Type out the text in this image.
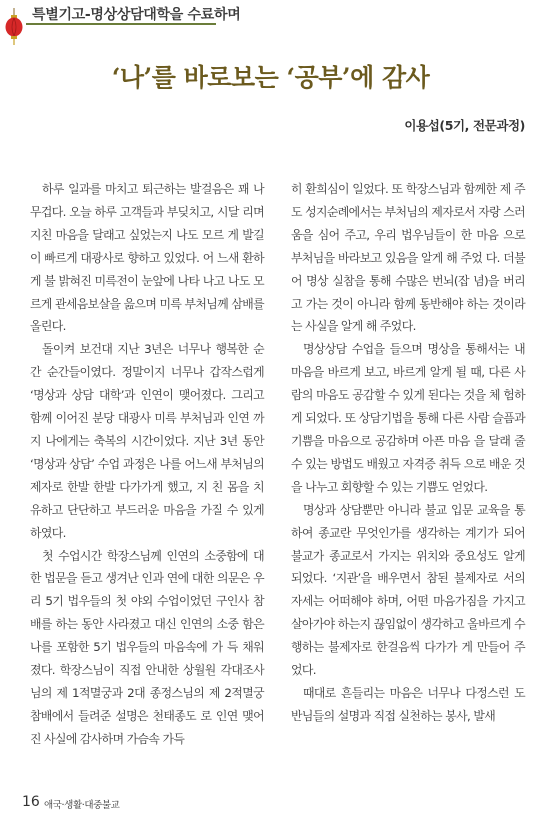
특별기고-명상상담대학을 수료하며
‘나’를 바로보는 ‘공부’에 감사
이용섭(5기, 전문과정)

하루 일과를 마치고 퇴근하는 발걸음은 꽤 나 무겁다. 오늘 하루 고객들과 부딪치고, 시달 리며 지친 마음을 달래고 싶었는지 나도 모르 게 발길이 빠르게 대광사로 향하고 있었다. 어 느새 환하게 불 밝혀진 미륵전이 눈앞에 나타 나고 나도 모르게 관세음보살을 읊으며 미륵 부처님께 삼배를 올린다.

돌이켜 보건대 지난 3년은 너무나 행복한 순 간 순간들이였다. 정말이지 너무나 갑작스럽게 ‘명상과 상담 대학’과 인연이 맺어졌다. 그리고 함께 이어진 분당 대광사 미륵 부처님과 인연 까지 나에게는 축복의 시간이었다. 지난 3년 동안 ‘명상과 상담’ 수업 과정은 나를 어느새 부처님의 제자로 한발 한발 다가가게 했고, 지 친 몸을 치유하고 단단하고 부드러운 마음을 가질 수 있게 하였다.

첫 수업시간 학장스님께 인연의 소중함에 대 한 법문을 듣고 생겨난 인과 연에 대한 의문은 우리 5기 법우들의 첫 야외 수업이었던 구인사 참배를 하는 동안 사라졌고 대신 인연의 소중 함은 나를 포함한 5기 법우들의 마음속에 가 득 채워졌다. 학장스님이 직접 안내한 상월원 각대조사님의 제 1적멸궁과 2대 종정스님의 제 2적멸궁 참배에서 들려준 설명은 천태종도 로 인연 맺어진 사실에 감사하며 가슴속 가득

히 환희심이 일었다. 또 학장스님과 함께한 제 주도 성지순례에서는 부처님의 제자로서 자랑 스러움을 심어 주고, 우리 법우님들이 한 마음 으로 부처님을 바라보고 있음을 알게 해 주었 다. 더불어 명상 실참을 통해 수많은 번뇌(잡 념)을 버리고 가는 것이 아니라 함께 동반해야 하는 것이라는 사실을 알게 해 주었다.

명상상담 수업을 들으며 명상을 통해서는 내 마음을 바르게 보고, 바르게 알게 될 때, 다른 사람의 마음도 공감할 수 있게 된다는 것을 체 험하게 되었다. 또 상담기법을 통해 다른 사람 슬픔과 기쁨을 마음으로 공감하며 아픈 마음 을 달래 줄 수 있는 방법도 배웠고 자격증 취득 으로 배운 것을 나누고 회향할 수 있는 기쁨도 얻었다.

명상과 상담뿐만 아니라 불교 입문 교육을 통하여 종교란 무엇인가를 생각하는 계기가 되어 불교가 종교로서 가지는 위치와 중요성도 알게 되었다. ‘지관’을 배우면서 참된 불제자로 서의 자세는 어떠해야 하며, 어떤 마음가짐을 가지고 살아가야 하는지 끊임없이 생각하고 올바르게 수행하는 불제자로 한걸음씩 다가가 게 만들어 주었다.

때대로 흔들리는 마음은 너무나 다정스런 도반님들의 설명과 직접 실천하는 봉사, 발새

16 애국·생활·대중불교
